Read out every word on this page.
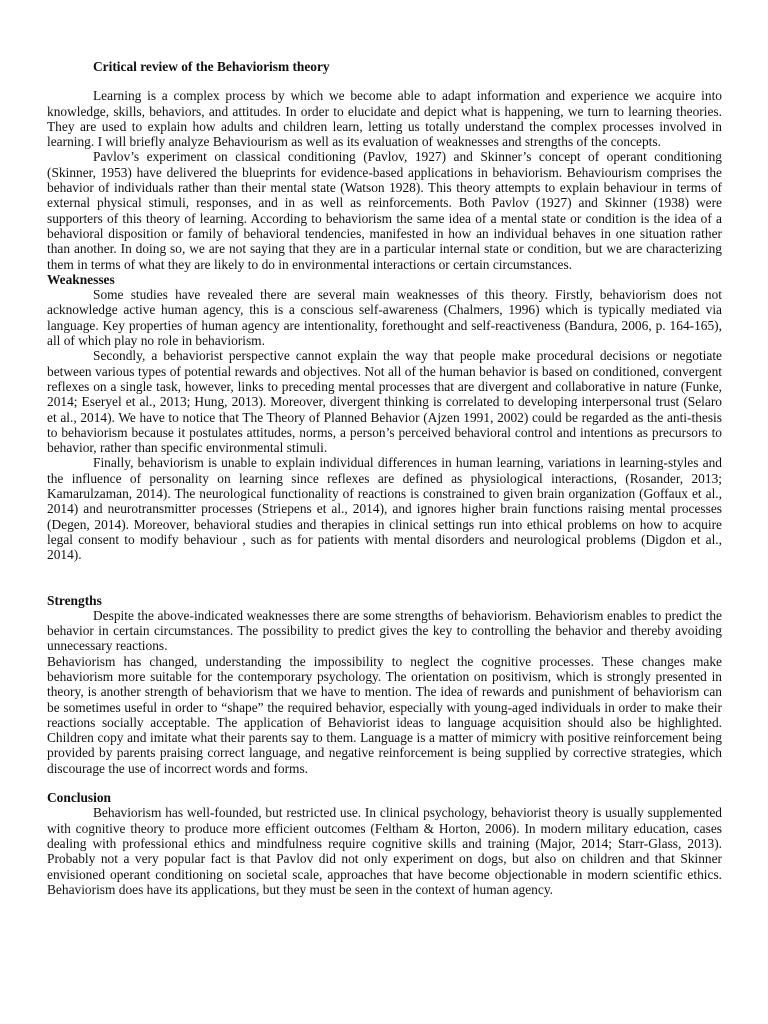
Critical review of the Behaviorism theory

Learning is a complex process by which we become able to adapt information and experience we acquire into knowledge, skills, behaviors, and attitudes. In order to elucidate and depict what is happening, we turn to learning theories. They are used to explain how adults and children learn, letting us totally understand the complex processes involved in learning. I will briefly analyze Behaviourism as well as its evaluation of weaknesses and strengths of the concepts.

Pavlov’s experiment on classical conditioning (Pavlov, 1927) and Skinner’s concept of operant conditioning (Skinner, 1953) have delivered the blueprints for evidence-based applications in behaviorism. Behaviourism comprises the behavior of individuals rather than their mental state (Watson 1928). This theory attempts to explain behaviour in terms of external physical stimuli, responses, and in as well as reinforcements. Both Pavlov (1927) and Skinner (1938) were supporters of this theory of learning. According to behaviorism the same idea of a mental state or condition is the idea of a behavioral disposition or family of behavioral tendencies, manifested in how an individual behaves in one situation rather than another. In doing so, we are not saying that they are in a particular internal state or condition, but we are characterizing them in terms of what they are likely to do in environmental interactions or certain circumstances.

Weaknesses

Some studies have revealed there are several main weaknesses of this theory. Firstly, behaviorism does not acknowledge active human agency, this is a conscious self-awareness (Chalmers, 1996) which is typically mediated via language. Key properties of human agency are intentionality, forethought and self-reactiveness (Bandura, 2006, p. 164-165), all of which play no role in behaviorism.

Secondly, a behaviorist perspective cannot explain the way that people make procedural decisions or negotiate between various types of potential rewards and objectives. Not all of the human behavior is based on conditioned, convergent reflexes on a single task, however, links to preceding mental processes that are divergent and collaborative in nature (Funke, 2014; Eseryel et al., 2013; Hung, 2013). Moreover, divergent thinking is correlated to developing interpersonal trust (Selaro et al., 2014). We have to notice that The Theory of Planned Behavior (Ajzen 1991, 2002) could be regarded as the anti-thesis to behaviorism because it postulates attitudes, norms, a person’s perceived behavioral control and intentions as precursors to behavior, rather than specific environmental stimuli.

Finally, behaviorism is unable to explain individual differences in human learning, variations in learning-styles and the influence of personality on learning since reflexes are defined as physiological interactions, (Rosander, 2013; Kamarulzaman, 2014). The neurological functionality of reactions is constrained to given brain organization (Goffaux et al., 2014) and neurotransmitter processes (Striepens et al., 2014), and ignores higher brain functions raising mental processes (Degen, 2014). Moreover, behavioral studies and therapies in clinical settings run into ethical problems on how to acquire legal consent to modify behaviour , such as for patients with mental disorders and neurological problems (Digdon et al., 2014).

Strengths

Despite the above-indicated weaknesses there are some strengths of behaviorism. Behaviorism enables to predict the behavior in certain circumstances. The possibility to predict gives the key to controlling the behavior and thereby avoiding unnecessary reactions.

Behaviorism has changed, understanding the impossibility to neglect the cognitive processes. These changes make behaviorism more suitable for the contemporary psychology. The orientation on positivism, which is strongly presented in theory, is another strength of behaviorism that we have to mention. The idea of rewards and punishment of behaviorism can be sometimes useful in order to “shape” the required behavior, especially with young-aged individuals in order to make their reactions socially acceptable. The application of Behaviorist ideas to language acquisition should also be highlighted. Children copy and imitate what their parents say to them. Language is a matter of mimicry with positive reinforcement being provided by parents praising correct language, and negative reinforcement is being supplied by corrective strategies, which discourage the use of incorrect words and forms.

Conclusion

Behaviorism has well-founded, but restricted use. In clinical psychology, behaviorist theory is usually supplemented with cognitive theory to produce more efficient outcomes (Feltham & Horton, 2006). In modern military education, cases dealing with professional ethics and mindfulness require cognitive skills and training (Major, 2014; Starr-Glass, 2013). Probably not a very popular fact is that Pavlov did not only experiment on dogs, but also on children and that Skinner envisioned operant conditioning on societal scale, approaches that have become objectionable in modern scientific ethics. Behaviorism does have its applications, but they must be seen in the context of human agency.
